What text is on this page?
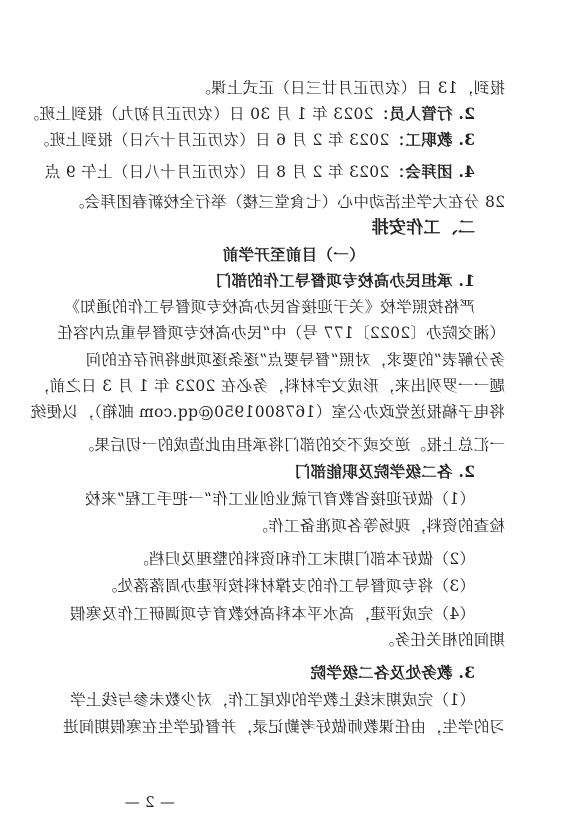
报到，13 日（农历正月廿三日）正式上课。
2. 行管人员：2023 年 1 月 30 日（农历正月初九）报到上班。
3. 教职工：2023 年 2 月 6 日（农历正月十六日）报到上班。
4. 团拜会：2023 年 2 月 8 日（农历正月十八日）上午 9 点
28 分在大学生活动中心（七食堂三楼）举行全校新春团拜会。
二、工作安排
（一）目前至开学前
1. 承担民办高校专项督导工作的部门
严格按照学校《关于迎接省民办高校专项督导工作的通知》
（湘交院办〔2022〕177 号）中“民办高校专项督导重点内容任
务分解表”的要求，对照“督导要点”逐条逐项地将所存在的问
题一一罗列出来，形成文字材料，务必在 2023 年 1 月 3 日之前，
将电子稿报送党政办公室（1678001950@qq.com 邮箱），以便统
一汇总上报。逆交或不交的部门将承担由此造成的一切后果。
2. 各二级学院及职能部门
（1）做好迎接省教育厅就业创业工作“一把手工程”来校
检查的资料，现场等各项准备工作。
（2）做好本部门期末工作和资料的整理及归档。
（3）将专项督导工作的支撑材料按评建办周落落处。
（4）完成评建，高水平本科高校教育专项调研工作及寒假
期间的相关任务。
3. 教务处及各二级学院
（1）完成期末线上教学的收尾工作，对少数未参与线上学
习的学生，由任课教师做好考勤记录，并督促学生在寒假期间进
— 2 —
